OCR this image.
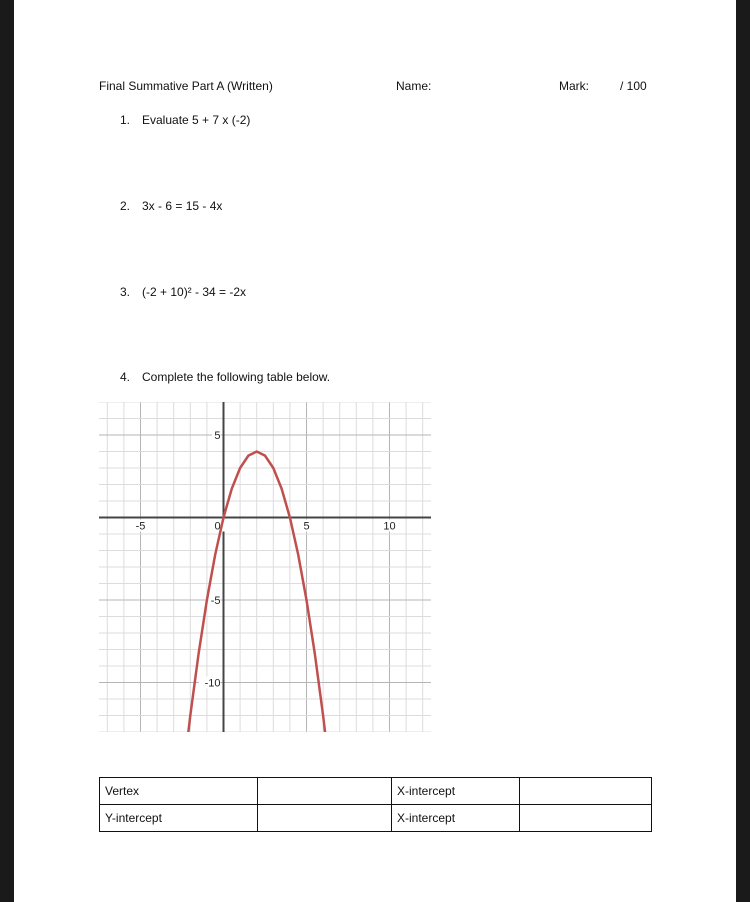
Final Summative Part A (Written)	Name:	Mark:	/ 100
1. Evaluate 5 + 7 x (-2)
2. 3x - 6 = 15 - 4x
3. (-2 + 10)² - 34 = -2x
4. Complete the following table below.
-5	0	5	10
5
-5
-10
Vertex		X-intercept	
Y-intercept		X-intercept	
